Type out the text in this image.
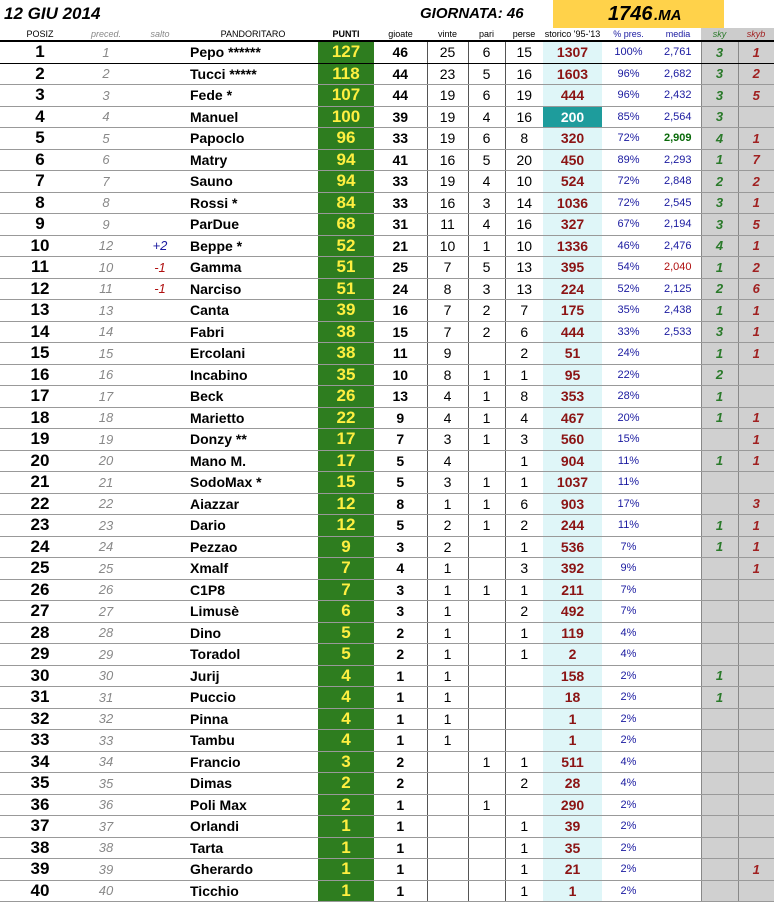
12 GIU 2014	GIORNATA: 46	1746 .MA
POSIZ	preced.	salto	PANDORITARO	PUNTI	gioate	vinte	pari	perse	storico '95-'13	% pres.	media	sky	skyb
1	1		Pepo ******	127	46	25	6	15	1307	100%	2,761	3	1
2	2		Tucci *****	118	44	23	5	16	1603	96%	2,682	3	2
3	3		Fede *	107	44	19	6	19	444	96%	2,432	3	5
4	4		Manuel	100	39	19	4	16	200	85%	2,564	3	
5	5		Papoclo	96	33	19	6	8	320	72%	2,909	4	1
6	6		Matry	94	41	16	5	20	450	89%	2,293	1	7
7	7		Sauno	94	33	19	4	10	524	72%	2,848	2	2
8	8		Rossi *	84	33	16	3	14	1036	72%	2,545	3	1
9	9		ParDue	68	31	11	4	16	327	67%	2,194	3	5
10	12	+2	Beppe *	52	21	10	1	10	1336	46%	2,476	4	1
11	10	-1	Gamma	51	25	7	5	13	395	54%	2,040	1	2
12	11	-1	Narciso	51	24	8	3	13	224	52%	2,125	2	6
13	13		Canta	39	16	7	2	7	175	35%	2,438	1	1
14	14		Fabri	38	15	7	2	6	444	33%	2,533	3	1
15	15		Ercolani	38	11	9		2	51	24%		1	1
16	16		Incabino	35	10	8	1	1	95	22%		2	
17	17		Beck	26	13	4	1	8	353	28%		1	
18	18		Marietto	22	9	4	1	4	467	20%		1	1
19	19		Donzy **	17	7	3	1	3	560	15%			1
20	20		Mano M.	17	5	4		1	904	11%		1	1
21	21		SodoMax *	15	5	3	1	1	1037	11%			
22	22		Aiazzar	12	8	1	1	6	903	17%			3
23	23		Dario	12	5	2	1	2	244	11%		1	1
24	24		Pezzao	9	3	2		1	536	7%		1	1
25	25		Xmalf	7	4	1		3	392	9%			1
26	26		C1P8	7	3	1	1	1	211	7%			
27	27		Limusè	6	3	1		2	492	7%			
28	28		Dino	5	2	1		1	119	4%			
29	29		Toradol	5	2	1		1	2	4%			
30	30		Jurij	4	1	1			158	2%		1	
31	31		Puccio	4	1	1			18	2%		1	
32	32		Pinna	4	1	1			1	2%			
33	33		Tambu	4	1	1			1	2%			
34	34		Francio	3	2		1	1	511	4%			
35	35		Dimas	2	2			2	28	4%			
36	36		Poli Max	2	1		1		290	2%			
37	37		Orlandi	1	1			1	39	2%			
38	38		Tarta	1	1			1	35	2%			
39	39		Gherardo	1	1			1	21	2%			1
40	40		Ticchio	1	1			1	1	2%			
